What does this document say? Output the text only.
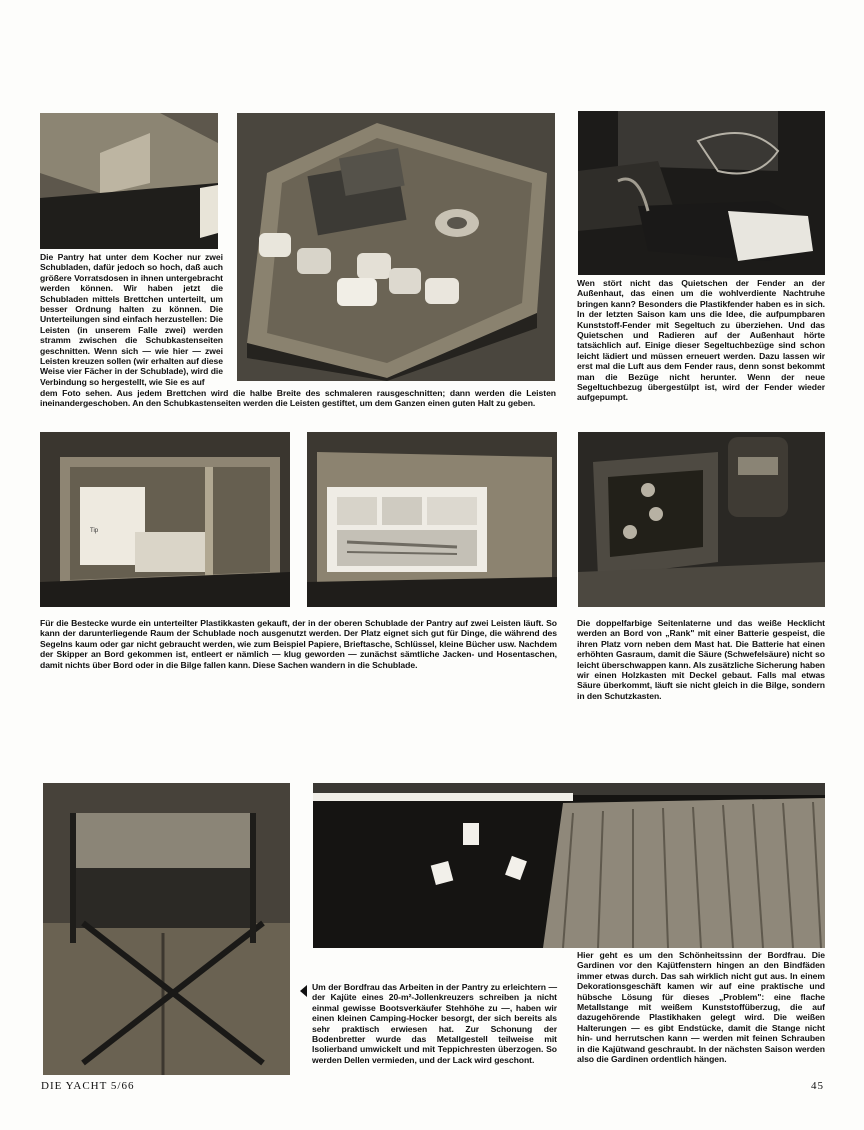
Die Pantry hat unter dem Kocher nur zwei Schubladen, dafür jedoch so hoch, daß auch größere Vorratsdosen in ihnen untergebracht werden können. Wir haben jetzt die Schubladen mittels Brettchen unterteilt, um besser Ordnung halten zu können. Die Unterteilungen sind einfach herzustellen: Die Leisten (in unserem Falle zwei) werden stramm zwischen die Schubkastenseiten geschnitten. Wenn sich — wie hier — zwei Leisten kreuzen sollen (wir erhalten auf diese Weise vier Fächer in der Schublade), wird die Verbindung so hergestellt, wie Sie es auf
dem Foto sehen. Aus jedem Brettchen wird die halbe Breite des schmaleren rausgeschnitten; dann werden die Leisten ineinandergeschoben. An den Schubkastenseiten werden die Leisten gestiftet, um dem Ganzen einen guten Halt zu geben.
Wen stört nicht das Quietschen der Fender an der Außenhaut, das einen um die wohlverdiente Nachtruhe bringen kann? Besonders die Plastikfender haben es in sich. In der letzten Saison kam uns die Idee, die aufpumpbaren Kunststoff-Fender mit Segeltuch zu überziehen. Und das Quietschen und Radieren auf der Außenhaut hörte tatsächlich auf. Einige dieser Segeltuchbezüge sind schon leicht lädiert und müssen erneuert werden. Dazu lassen wir erst mal die Luft aus dem Fender raus, denn sonst bekommt man die Bezüge nicht herunter. Wenn der neue Segeltuchbezug übergestülpt ist, wird der Fender wieder aufgepumpt.
Tip
Für die Bestecke wurde ein unterteilter Plastikkasten gekauft, der in der oberen Schublade der Pantry auf zwei Leisten läuft. So kann der darunterliegende Raum der Schublade noch ausgenutzt werden. Der Platz eignet sich gut für Dinge, die während des Segelns kaum oder gar nicht gebraucht werden, wie zum Beispiel Papiere, Brieftasche, Schlüssel, kleine Bücher usw. Nachdem der Skipper an Bord gekommen ist, entleert er nämlich — klug geworden — zunächst sämtliche Jacken- und Hosentaschen, damit nichts über Bord oder in die Bilge fallen kann. Diese Sachen wandern in die Schublade.
Die doppelfarbige Seitenlaterne und das weiße Hecklicht werden an Bord von „Rank" mit einer Batterie gespeist, die ihren Platz vorn neben dem Mast hat. Die Batterie hat einen erhöhten Gasraum, damit die Säure (Schwefelsäure) nicht so leicht überschwappen kann. Als zusätzliche Sicherung haben wir einen Holzkasten mit Deckel gebaut. Falls mal etwas Säure überkommt, läuft sie nicht gleich in die Bilge, sondern in den Schutzkasten.
Um der Bordfrau das Arbeiten in der Pantry zu erleichtern — der Kajüte eines 20-m²-Jollenkreuzers schreiben ja nicht einmal gewisse Bootsverkäufer Stehhöhe zu —, haben wir einen kleinen Camping-Hocker besorgt, der sich bereits als sehr praktisch erwiesen hat. Zur Schonung der Bodenbretter wurde das Metallgestell teilweise mit Isolierband umwickelt und mit Teppichresten überzogen. So werden Dellen vermieden, und der Lack wird geschont.
Hier geht es um den Schönheitssinn der Bordfrau. Die Gardinen vor den Kajütfenstern hingen an den Bindfäden immer etwas durch. Das sah wirklich nicht gut aus. In einem Dekorationsgeschäft kamen wir auf eine praktische und hübsche Lösung für dieses „Problem": eine flache Metallstange mit weißem Kunststoffüberzug, die auf dazugehörende Plastikhaken gelegt wird. Die weißen Halterungen — es gibt Endstücke, damit die Stange nicht hin- und herrutschen kann — werden mit feinen Schrauben in die Kajütwand geschraubt. In der nächsten Saison werden also die Gardinen ordentlich hängen.
DIE YACHT 5/66	45
